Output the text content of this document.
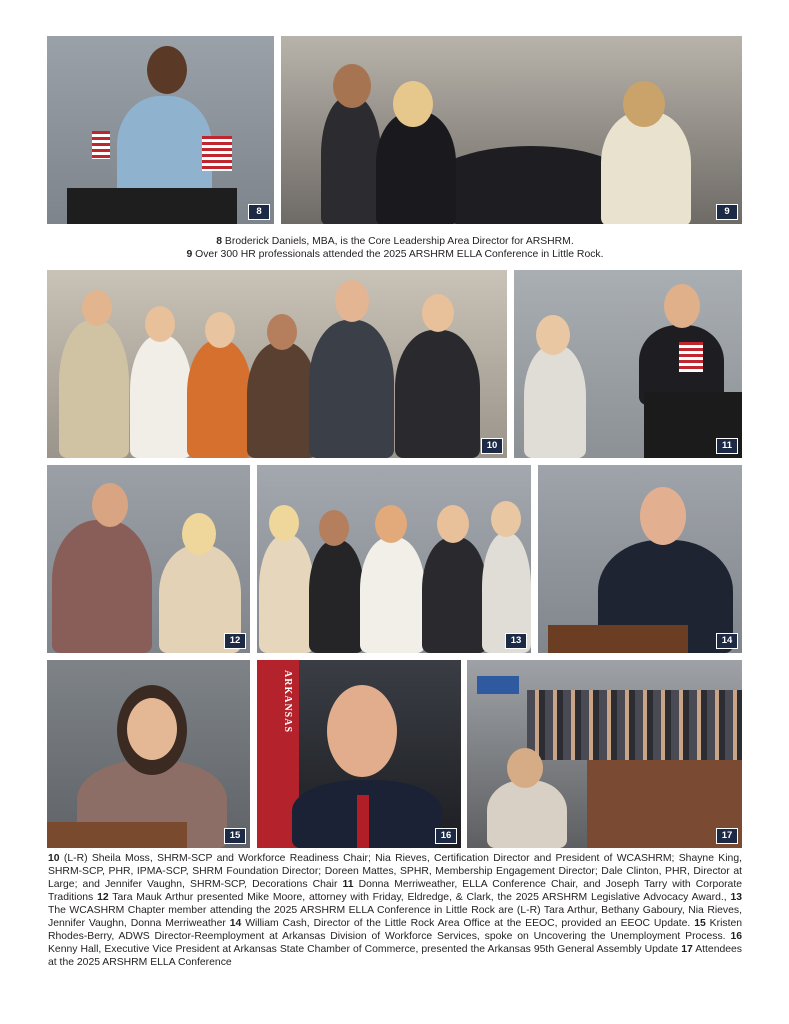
8	9
8 Broderick Daniels, MBA, is the Core Leadership Area Director for ARSHRM.
9 Over 300 HR professionals attended the 2025 ARSHRM ELLA Conference in Little Rock.
10	11
12	13	14
15
ARKANSAS
16	17
10 (L-R) Sheila Moss, SHRM-SCP and Workforce Readiness Chair; Nia Rieves, Certification Director and President of WCASHRM; Shayne King, SHRM-SCP, PHR, IPMA-SCP, SHRM Foundation Director; Doreen Mattes, SPHR, Membership Engagement Director; Dale Clinton, PHR, Director at Large; and Jennifer Vaughn, SHRM-SCP, Decorations Chair 11 Donna Merriweather, ELLA Conference Chair, and Joseph Tarry with Corporate Traditions 12 Tara Mauk Arthur presented Mike Moore, attorney with Friday, Eldredge, & Clark, the 2025 ARSHRM Legislative Advocacy Award., 13 The WCASHRM Chapter member attending the 2025 ARSHRM ELLA Conference in Little Rock are (L-R) Tara Arthur, Bethany Gaboury, Nia Rieves, Jennifer Vaughn, Donna Merriweather 14 William Cash, Director of the Little Rock Area Office at the EEOC, provided an EEOC Update. 15 Kristen Rhodes-Berry, ADWS Director-Reemployment at Arkansas Division of Workforce Services, spoke on Uncovering the Unemployment Process. 16 Kenny Hall, Executive Vice President at Arkansas State Chamber of Commerce, presented the Arkansas 95th General Assembly Update 17 Attendees at the 2025 ARSHRM ELLA Conference
